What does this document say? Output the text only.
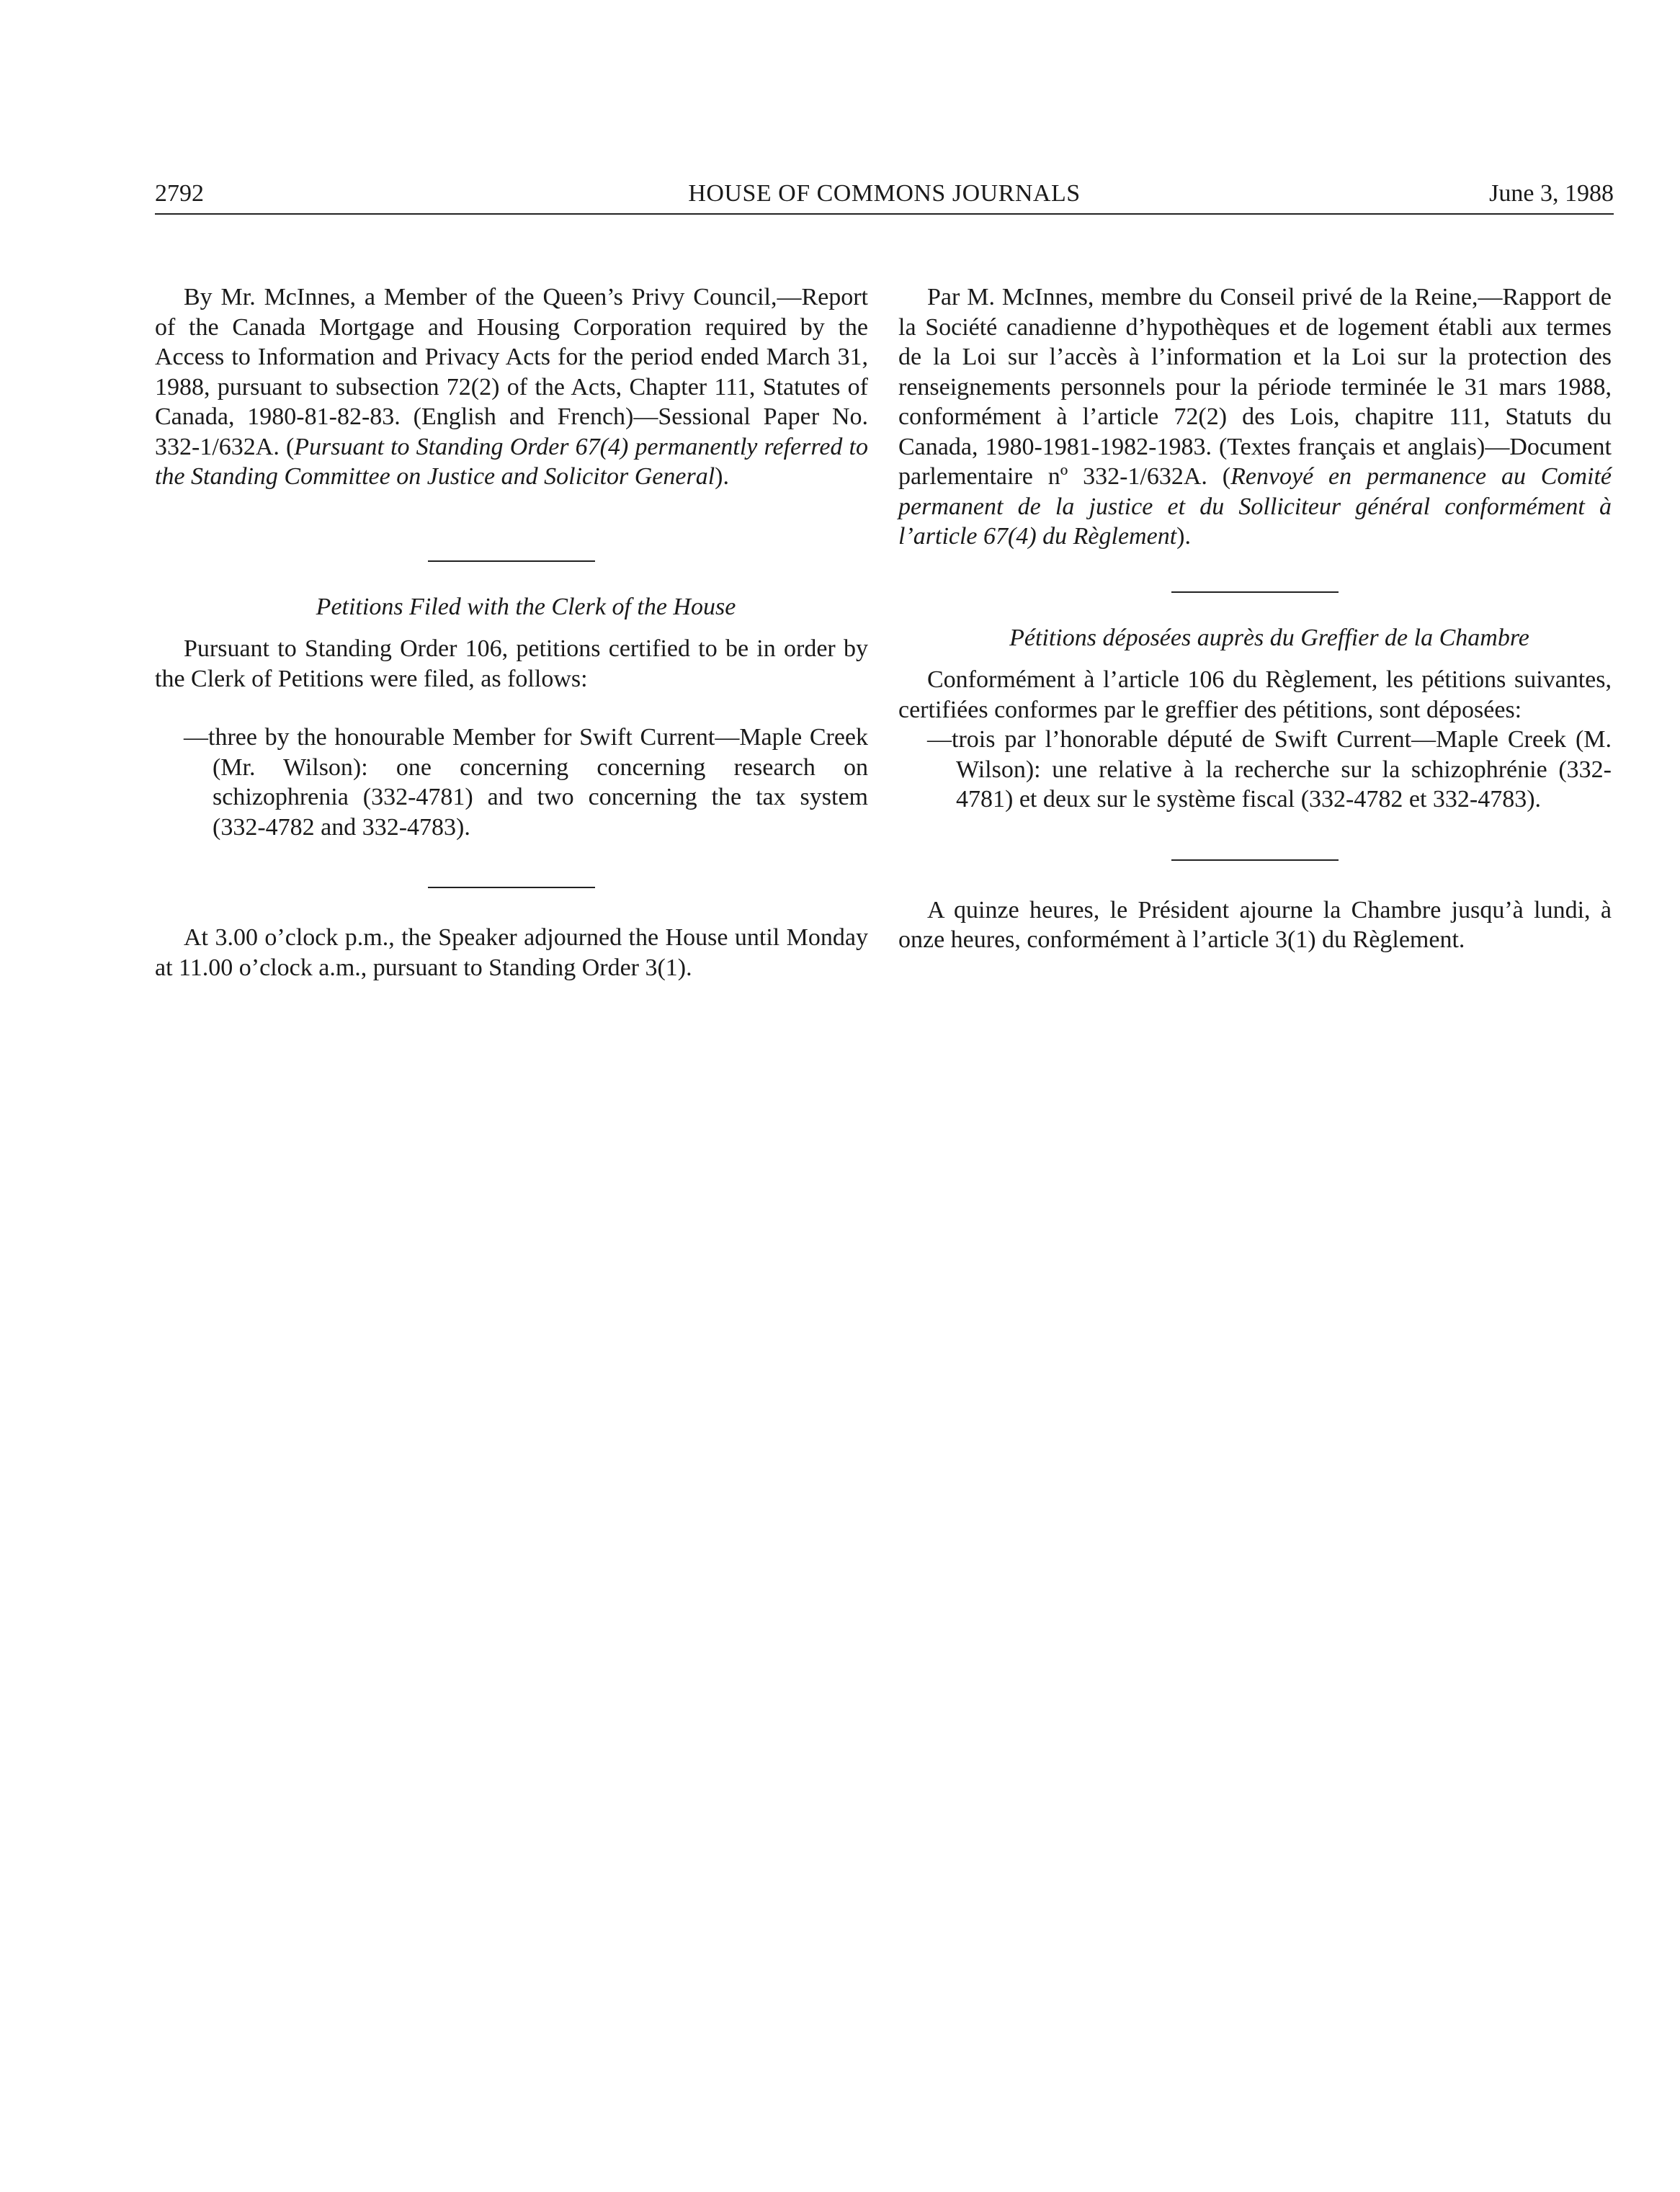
2792	HOUSE OF COMMONS JOURNALS	June 3, 1988

By Mr. McInnes, a Member of the Queen’s Privy Council,—Report of the Canada Mortgage and Housing Corporation required by the Access to Information and Privacy Acts for the period ended March 31, 1988, pursuant to subsection 72(2) of the Acts, Chapter 111, Statutes of Canada, 1980-81-82-83. (English and French)—Sessional Paper No. 332-1/632A. (Pursuant to Standing Order 67(4) permanently referred to the Standing Committee on Justice and Solicitor General).

Petitions Filed with the Clerk of the House

Pursuant to Standing Order 106, petitions certified to be in order by the Clerk of Petitions were filed, as follows:

—three by the honourable Member for Swift Current—Maple Creek (Mr. Wilson): one concerning concerning research on schizophrenia (332-4781) and two concerning the tax system (332-4782 and 332-4783).

At 3.00 o’clock p.m., the Speaker adjourned the House until Monday at 11.00 o’clock a.m., pursuant to Standing Order 3(1).

Par M. McInnes, membre du Conseil privé de la Reine,—Rapport de la Société canadienne d’hypothèques et de logement établi aux termes de la Loi sur l’accès à l’information et la Loi sur la protection des renseignements personnels pour la période terminée le 31 mars 1988, conformément à l’article 72(2) des Lois, chapitre 111, Statuts du Canada, 1980-1981-1982-1983. (Textes français et anglais)—Document parlementaire nº 332-1/632A. (Renvoyé en permanence au Comité permanent de la justice et du Solliciteur général conformément à l’article 67(4) du Règlement).

Pétitions déposées auprès du Greffier de la Chambre

Conformément à l’article 106 du Règlement, les pétitions suivantes, certifiées conformes par le greffier des pétitions, sont déposées:

—trois par l’honorable député de Swift Current—Maple Creek (M. Wilson): une relative à la recherche sur la schizophrénie (332-4781) et deux sur le système fiscal (332-4782 et 332-4783).

A quinze heures, le Président ajourne la Chambre jusqu’à lundi, à onze heures, conformément à l’article 3(1) du Règlement.
